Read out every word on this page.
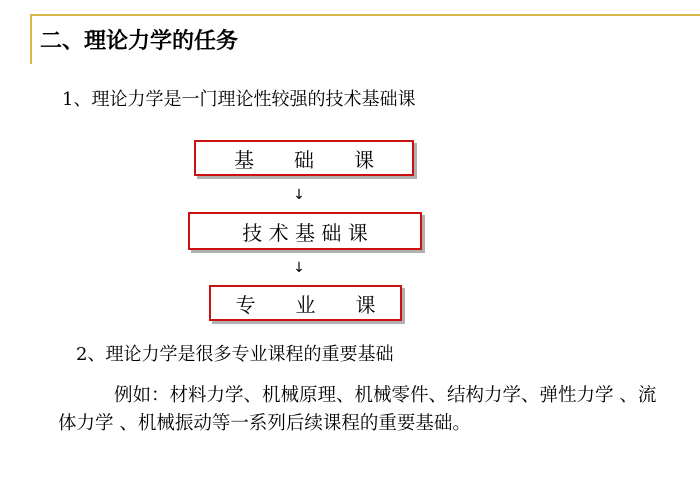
二、理论力学的任务
1、理论力学是一门理论性较强的技术基础课
基　　础　　课
↓
技 术 基 础 课
↓
专　　业　　课
2、理论力学是很多专业课程的重要基础
例如：材料力学、机械原理、机械零件、结构力学、弹性力学 、流体力学 、机械振动等一系列后续课程的重要基础。
